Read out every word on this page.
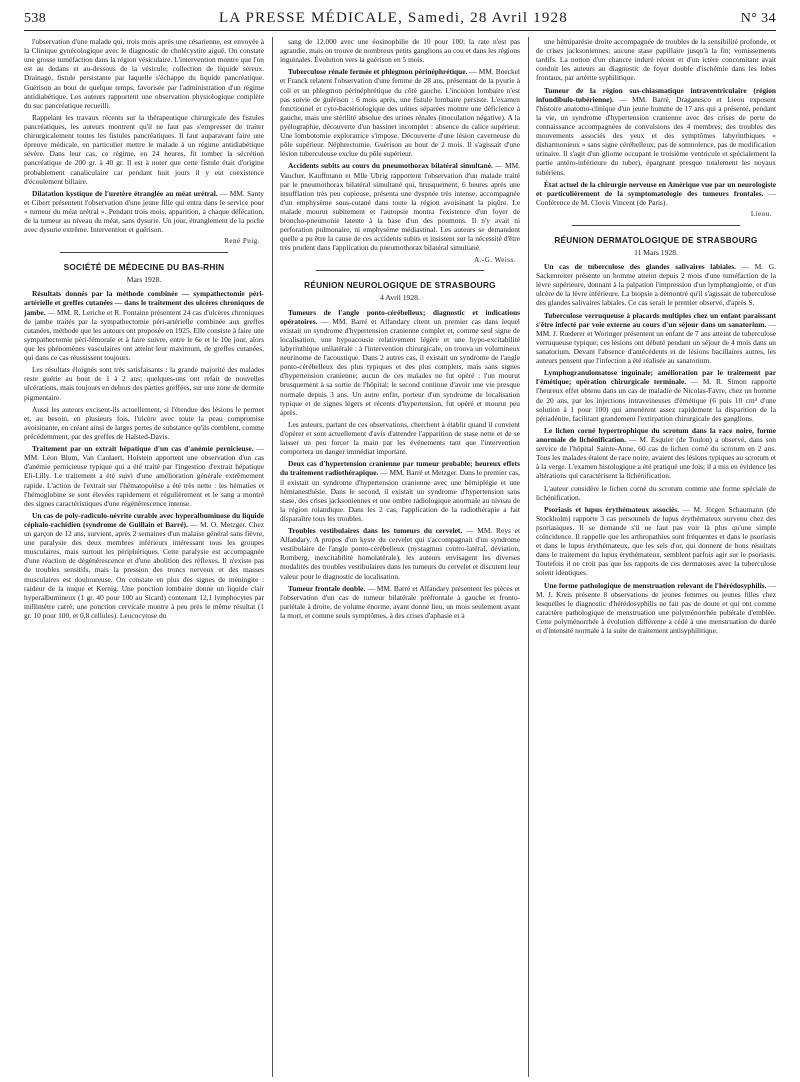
538	LA PRESSE MÉDICALE, Samedi, 28 Avril 1928	N° 34

l'observation d'une malade qui, trois mois après une césarienne, est envoyée à la Clinique gynécologique avec le diagnostic de cholécystite aiguë. On constate une grosse tuméfaction dans la région vésiculaire. L'intervention montre que l'on est au dedans et au-dessous de la vésicule; collection de liquide séreux. Drainage, fistule persistante par laquelle s'échappe du liquide pancréatique. Guérison au bout de quelque temps, favorisée par l'administration d'un régime antidiabétique. Les auteurs rapportent une observation physiologique complète du suc pancréatique recueilli.

Rappelant les travaux récents sur la thérapeutique chirurgicale des fistules pancréatiques, les auteurs montrent qu'il ne faut pas s'empresser de traiter chirurgicalement toutes les fistules pancréatiques. Il faut auparavant faire une épreuve médicale, en particulier mettre le malade à un régime antidiabétique sévère. Dans leur cas, ce régime, en 24 heures, fit tomber la sécrétion pancréatique de 200 gr. à 40 gr. Il est à noter que cette fistule était d'origine probablement canaliculaire car pendant huit jours il y eut coexistence d'écoulement biliaire.

Dilatation kystique de l'uretère étranglée au méat urétral. — MM. Santy et Cibert présentent l'observation d'une jeune fille qui entra dans le service pour « tumeur du méat urétral ». Pendant trois mois, apparition, à chaque défécation, de la tumeur au niveau du méat, sans dysurie. Un jour, étranglement de la poche avec dysurie extrême. Intervention et guérison.

René Puig.
SOCIÉTÉ DE MÉDECINE DU BAS-RHIN
Mars 1928.

Résultats donnés par la méthode combinée — sympathectomie péri-artérielle et greffes cutanées — dans le traitement des ulcères chroniques de jambe. — MM. R. Leriche et R. Fontaine présentent 24 cas d'ulcères chroniques de jambe traités par la sympathectomie péri-artérielle combinée aux greffes cutanées, méthode que les auteurs ont proposée en 1925. Elle consiste à faire une sympathectomie péri-fémorale et à faire suivre, entre le 6e et le 10e jour, alors que les phénomènes vasculaires ont atteint leur maximum, de greffes cutanées, qui dans ce cas réussissent toujours.

Les résultats éloignés sont très satisfaisants : la grande majorité des malades reste guérie au bout de 1 à 2 ans; quelques-uns ont refait de nouvelles ulcérations, mais toujours en dehors des parties greffées, sur une zone de dermite pigmentaire.

Aussi les auteurs excisent-ils actuellement, si l'étendue des lésions le permet et, au besoin, en plusieurs fois, l'ulcère avec toute la peau compromise avoisinante, en créant ainsi de larges pertes de substance qu'ils comblent, comme précédemment, par des greffes de Halsted-Davis.

Traitement par un extrait hépatique d'un cas d'anémie pernicieuse. — MM. Léon Blum, Van Caulaert, Holstein apportent une observation d'un cas d'anémie pernicieuse typique qui a été traité par l'ingestion d'extrait hépatique Eli-Lilly. Le traitement a été suivi d'une amélioration générale extrêmement rapide. L'action de l'extrait sur l'hématopoïèse a été très nette : les hématies et l'hémoglobine se sont élevées rapidement et régulièrement et le sang a montré des signes caractéristiques d'une régénérescence intense.

Un cas de poly-radiculo-névrite curable avec hyperalbuminose du liquide céphalo-rachidien (syndrome de Guillain et Barré). — M. O. Metzger. Chez un garçon de 12 ans, survient, après 2 semaines d'un malaise général sans fièvre, une paralysie des deux membres inférieurs intéressant tous les groupes musculaires, mais surtout les périphériques. Cette paralysie est accompagnée d'une réaction de dégénérescence et d'une abolition des réflexes. Il n'existe pas de troubles sensitifs, mais la pression des troncs nerveux et des masses musculaires est douloureuse. On constate en plus des signes de méningite : raideur de la nuque et Kernig. Une ponction lombaire donne un liquide clair hyperalbumineux (1 gr. 40 pour 100 au Sicard) contenant 12,1 lymphocytes par millimètre carré; une ponction cervicale montre à peu près le même résultat (1 gr. 10 pour 100, et 0,8 cellules). Leucocytose du

sang de 12.000 avec une éosinophilie de 10 pour 100; la rate n'est pas agrandie, mais on trouve de nombreux petits ganglions au cou et dans les régions inguinales. Évolution vers la guérison en 5 mois.

Tuberculose rénale fermée et phlegmon périnéphrétique. — MM. Boeckel et Franck relatent l'observation d'une femme de 28 ans, présentant de la pyurie à coli et un phlegmon périnéphrétique du côté gauche. L'incision lombaire n'est pas suivie de guérison : 6 mois après, une fistule lombaire persiste. L'examen fonctionnel et cyto-bactériologique des urines séparées montre une déficience à gauche, mais une stérilité absolue des urines rénales (inoculation négative). A la pyélographie, découverte d'un bassinet incomplet : absence du calice supérieur. Une lombotomie exploratrice s'impose. Découverte d'une lésion caverneuse du pôle supérieur. Néphrectomie. Guérison au bout de 2 mois. Il s'agissait d'une lésion tuberculeuse exclue du pôle supérieur.

Accidents subits au cours du pneumothorax bilatéral simultané. — MM. Vaucher, Kauffmann et Mlle Uhrig rapportent l'observation d'un malade traité par le pneumothorax bilatéral simultané qui, brusquement, 6 heures après une insufflation très peu copieuse, présenta une dyspnée très intense, accompagnée d'un emphysème sous-cutané dans toute la région avoisinant la piqûre. Le malade mourut subitement et l'autopsie montra l'existence d'un foyer de broncho-pneumonie latente à la base d'un des poumons. Il n'y avait ni perforation pulmonaire, ni emphysème médiastinal. Les auteurs se demandent quelle a pu être la cause de ces accidents subits et insistent sur la nécessité d'être très prudent dans l'application du pneumothorax bilatéral simultané.

A.-G. Weiss.
RÉUNION NEUROLOGIQUE DE STRASBOURG
4 Avril 1928.

Tumeurs de l'angle ponto-cérébelleux; diagnostic et indications opératoires. — MM. Barré et Alfandary citent un premier cas dans lequel existait un syndrome d'hypertension cranienne complet et, comme seul signe de localisation, une hypoacousie relativement légère et une hypo-excitabilité labyrinthique unilatérale : à l'intervention chirurgicale, on trouva un volumineux neurinome de l'acoustique. Dans 2 autres cas, il existait un syndrome de l'angle ponto-cérébelleux des plus typiques et des plus complets, mais sans signes d'hypertension cranienne; aucun de ces malades ne fut opéré : l'un mourut brusquement à sa sortie de l'hôpital; le second continue d'avoir une vie presque normale depuis 3 ans. Un autre enfin, porteur d'un syndrome de localisation typique et de signes légers et récents d'hypertension, fut opéré et mourut peu après.

Les auteurs, partant de ces observations, cherchent à établir quand il convient d'opérer et sont actuellement d'avis d'attendre l'apparition de stase nette et de se laisser un peu forcer la main par les événements tant que l'intervention comportera un danger immédiat important.

Deux cas d'hypertension cranienne par tumeur probable; heureux effets du traitement radiothérapique. — MM. Barré et Metzger. Dans le premier cas, il existait un syndrome d'hypertension cranienne avec une hémiplégie et une hémianesthésie. Dans le second, il existait un syndrome d'hypertension sans stase, des crises jacksoniennes et une ombre radiologique anormale au niveau de la région rolandique. Dans les 2 cas, l'application de la radiothérapie a fait disparaître tous les troubles.

Troubles vestibulaires dans les tumeurs du cervelet. — MM. Reys et Alfandary. A propos d'un kyste du cervelet qui s'accompagnait d'un syndrome vestibulaire de l'angle ponto-cérébelleux (nystagmus contro-latéral, déviation, Romberg, inexcitabilité homolatérale), les auteurs envisagent les diverses modalités des troubles vestibulaires dans les tumeurs du cervelet et discutent leur valeur pour le diagnostic de localisation.

Tumeur frontale double. — MM. Barré et Alfandary présentent les pièces et l'observation d'un cas de tumeur bilatérale préfrontale à gauche et fronto-pariétale à droite, de volume énorme, ayant donné lieu, un mois seulement avant la mort, et comme seuls symptômes, à des crises d'aphasie et à

une hémiparésie droite accompagnée de troubles de la sensibilité profonde, et de crises jacksoniennes; aucune stase papillaire jusqu'à la fin; vomissements tardifs. La notion d'un chancre induré récent et d'un ictère concomitant avait conduit les auteurs au diagnostic de foyer double d'ischémie dans les lobes frontaux, par artérite syphilitique.

Tumeur de la région sus-chiasmatique intraventriculaire (région infundibulo-tubérienne). — MM. Barré, Draganesco et Lieou exposent l'histoire anatomo-clinique d'un jeune homme de 17 ans qui a présenté, pendant la vie, un syndrome d'hypertension cranienne avec des crises de perte de connaissance accompagnées de convulsions des 4 membres; des troubles des mouvements associés des yeux et des symptômes labyrinthiques « disharmonieux » sans signe cérébelleux; pas de somnolence, pas de modification urinaire. Il s'agit d'un gliome occupant le troisième ventricule et spécialement la partie antéro-inférieure du tuber), épargnant presque totalement les noyaux tubériens.

État actuel de la chirurgie nerveuse en Amérique vue par un neurologiste et particulièrement de la symptomatologie des tumeurs frontales. — Conférence de M. Clovis Vincent (de Paris).

Lieou.
RÉUNION DERMATOLOGIQUE DE STRASBOURG
11 Mars 1928.

Un cas de tuberculose des glandes salivaires labiales. — M. G. Sackenreiter présente un homme atteint depuis 2 mois d'une tuméfaction de la lèvre supérieure, donnant à la palpation l'impression d'un lymphangiome, et d'un ulcère de la lèvre inférieure. La biopsie a démontré qu'il s'agissait de tuberculose des glandes salivaires labiales. Ce cas serait le premier observé, d'après S.

Tuberculose verruqueuse à placards multiples chez un enfant paraissant s'être infecté par voie externe au cours d'un séjour dans un sanatorium. — MM. J. Rœderer et Woringer présentent un enfant de 7 ans atteint de tuberculose verruqueuse typique; ces lésions ont débuté pendant un séjour de 4 mois dans un sanatorium. Devant l'absence d'antécédents et de lésions bacillaires autres, les auteurs pensent que l'infection a été réalisée au sanatorium.

Lymphogranulomatose inguinale; amélioration par le traitement par l'émétique; opération chirurgicale terminale. — M. R. Simon rapporte l'heureux effet obtenu dans un cas de maladie de Nicolas-Favre, chez un homme de 20 ans, par les injections intraveineuses d'émétique (6 puis 10 cm³ d'une solution à 1 pour 100) qui amenèrent assez rapidement la disparition de la périadénite, facilitant grandement l'extirpation chirurgicale des ganglions.

Le lichen corné hypertrophique du scrotum dans la race noire, forme anormale de lichénification. — M. Esquier (de Toulon) a observé, dans son service de l'hôpital Sainte-Anne, 60 cas de lichen corné du scrotum en 2 ans. Tous les malades étaient de race noire, avaient des lésions typiques au scrotum et à la verge. L'examen histologique a été pratiqué une fois; il a mis en évidence les altérations qui caractérisent la lichénification.

L'auteur considère le lichen corné du scrotum comme une forme spéciale de lichénification.

Psoriasis et lupus érythémateux associés. — M. Jörgen Schaumann (de Stockholm) rapporte 3 cas personnels de lupus érythémateux survenu chez des psoriasiques. Il se demande s'il ne faut pas voir là plus qu'une simple coïncidence. Il rappelle que les arthropathies sont fréquentes et dans le psoriasis et dans le lupus érythémateux, que les sels d'or, qui donnent de bons résultats dans le traitement du lupus érythémateux, semblent parfois agir sur le psoriasis. Toutefois il ne croit pas que les rapports de ces dermatoses avec la tuberculose soient identiques.

Une forme pathologique de menstruation relevant de l'hérédosyphilis. — M. J. Kreis présente 8 observations de jeunes femmes ou jeunes filles chez lesquelles le diagnostic d'hérédosyphilis ne fait pas de doute et qui ont comme caractère pathologique de menstruation une polyménorrhée pubérale d'emblée. Cette polyménorrhée à évolution différente a cédé à une menstruation de durée et d'intensité normale à la suite de traitement antisyphilitique.
